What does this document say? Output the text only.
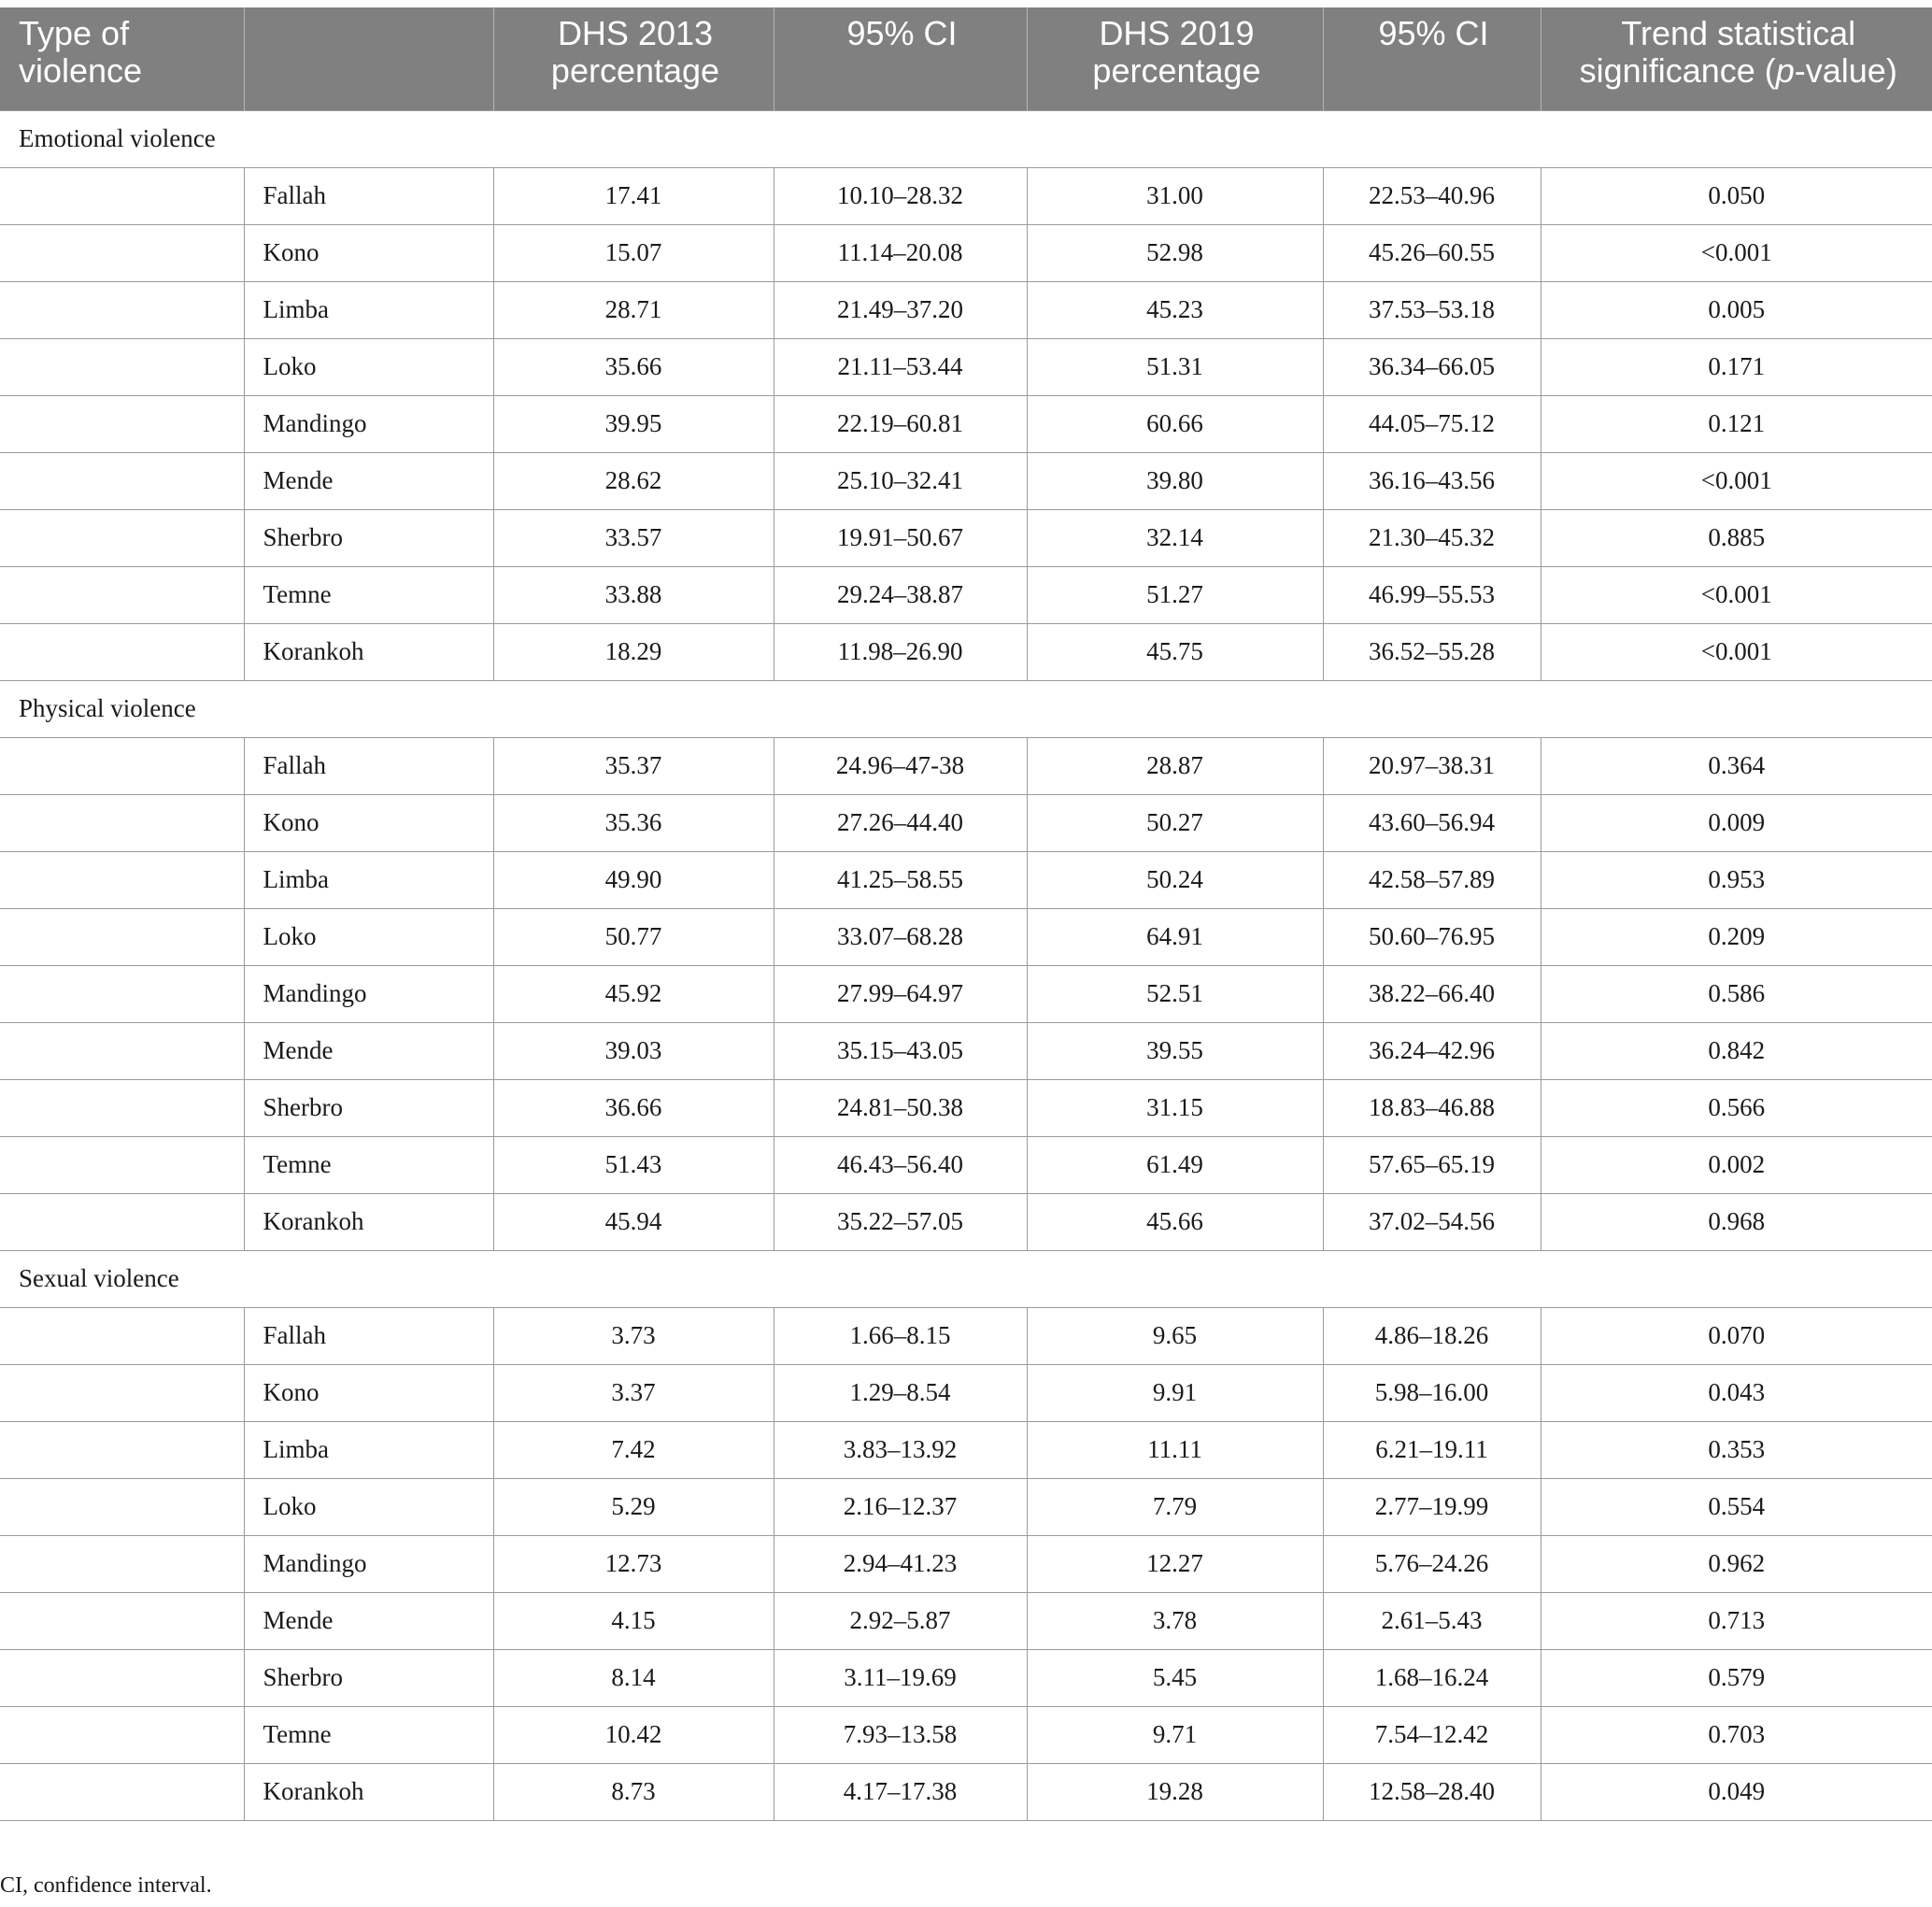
Type of violence		DHS 2013 percentage	95% CI	DHS 2019 percentage	95% CI	Trend statistical significance (p-value)
Emotional violence						
	Fallah	17.41	10.10–28.32	31.00	22.53–40.96	0.050
	Kono	15.07	11.14–20.08	52.98	45.26–60.55	<0.001
	Limba	28.71	21.49–37.20	45.23	37.53–53.18	0.005
	Loko	35.66	21.11–53.44	51.31	36.34–66.05	0.171
	Mandingo	39.95	22.19–60.81	60.66	44.05–75.12	0.121
	Mende	28.62	25.10–32.41	39.80	36.16–43.56	<0.001
	Sherbro	33.57	19.91–50.67	32.14	21.30–45.32	0.885
	Temne	33.88	29.24–38.87	51.27	46.99–55.53	<0.001
	Korankoh	18.29	11.98–26.90	45.75	36.52–55.28	<0.001
Physical violence						
	Fallah	35.37	24.96–47-38	28.87	20.97–38.31	0.364
	Kono	35.36	27.26–44.40	50.27	43.60–56.94	0.009
	Limba	49.90	41.25–58.55	50.24	42.58–57.89	0.953
	Loko	50.77	33.07–68.28	64.91	50.60–76.95	0.209
	Mandingo	45.92	27.99–64.97	52.51	38.22–66.40	0.586
	Mende	39.03	35.15–43.05	39.55	36.24–42.96	0.842
	Sherbro	36.66	24.81–50.38	31.15	18.83–46.88	0.566
	Temne	51.43	46.43–56.40	61.49	57.65–65.19	0.002
	Korankoh	45.94	35.22–57.05	45.66	37.02–54.56	0.968
Sexual violence						
	Fallah	3.73	1.66–8.15	9.65	4.86–18.26	0.070
	Kono	3.37	1.29–8.54	9.91	5.98–16.00	0.043
	Limba	7.42	3.83–13.92	11.11	6.21–19.11	0.353
	Loko	5.29	2.16–12.37	7.79	2.77–19.99	0.554
	Mandingo	12.73	2.94–41.23	12.27	5.76–24.26	0.962
	Mende	4.15	2.92–5.87	3.78	2.61–5.43	0.713
	Sherbro	8.14	3.11–19.69	5.45	1.68–16.24	0.579
	Temne	10.42	7.93–13.58	9.71	7.54–12.42	0.703
	Korankoh	8.73	4.17–17.38	19.28	12.58–28.40	0.049
CI, confidence interval.
